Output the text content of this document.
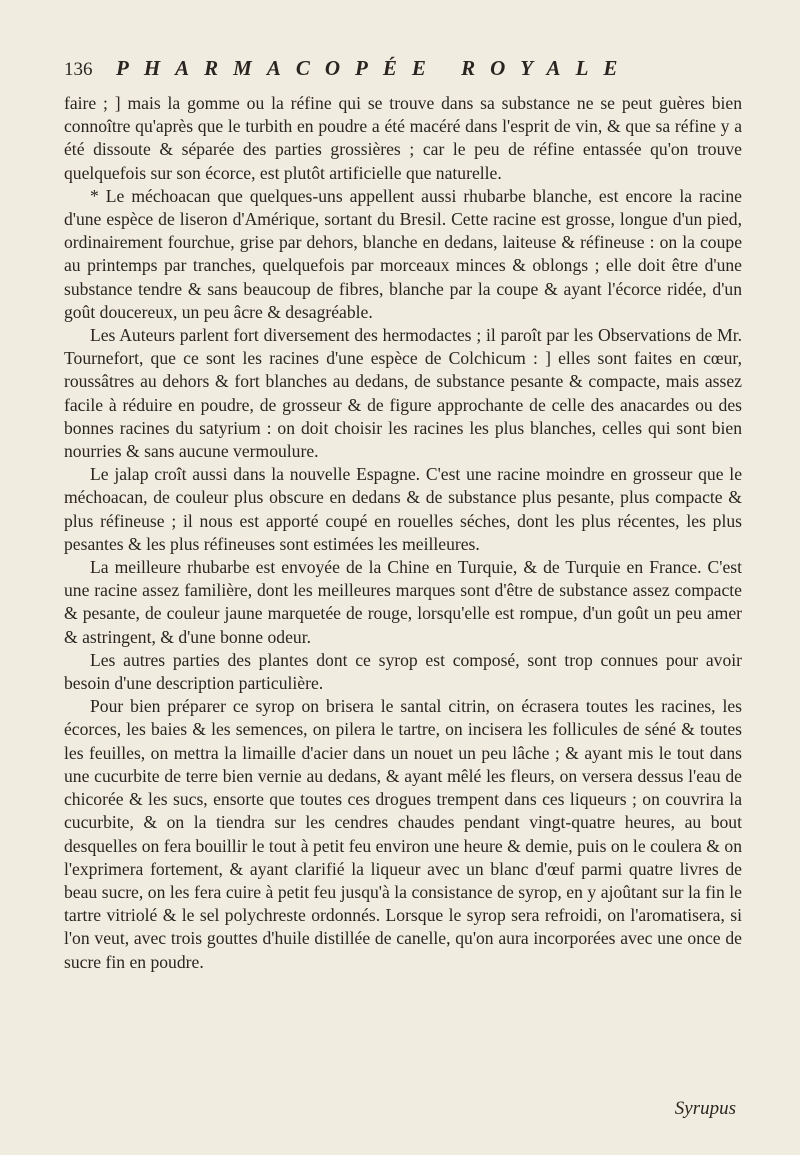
136	PHARMACOPÉE ROYALE

faire ; ] mais la gomme ou la réfine qui se trouve dans sa substance ne se peut guères bien connoître qu'après que le turbith en poudre a été macéré dans l'esprit de vin, & que sa réfine y a été dissoute & séparée des parties grossières ; car le peu de réfine entassée qu'on trouve quelquefois sur son écorce, est plutôt artificielle que naturelle.

* Le méchoacan que quelques-uns appellent aussi rhubarbe blanche, est encore la racine d'une espèce de liseron d'Amérique, sortant du Bresil. Cette racine est grosse, longue d'un pied, ordinairement fourchue, grise par dehors, blanche en dedans, laiteuse & réfineuse : on la coupe au printemps par tranches, quelquefois par morceaux minces & oblongs ; elle doit être d'une substance tendre & sans beaucoup de fibres, blanche par la coupe & ayant l'écorce ridée, d'un goût doucereux, un peu âcre & desagréable.

Les Auteurs parlent fort diversement des hermodactes ; il paroît par les Observations de Mr. Tournefort, que ce sont les racines d'une espèce de Colchicum : ] elles sont faites en cœur, roussâtres au dehors & fort blanches au dedans, de substance pesante & compacte, mais assez facile à réduire en poudre, de grosseur & de figure approchante de celle des anacardes ou des bonnes racines du satyrium : on doit choisir les racines les plus blanches, celles qui sont bien nourries & sans aucune vermoulure.

Le jalap croît aussi dans la nouvelle Espagne. C'est une racine moindre en grosseur que le méchoacan, de couleur plus obscure en dedans & de substance plus pesante, plus compacte & plus réfineuse ; il nous est apporté coupé en rouelles séches, dont les plus récentes, les plus pesantes & les plus réfineuses sont estimées les meilleures.

La meilleure rhubarbe est envoyée de la Chine en Turquie, & de Turquie en France. C'est une racine assez familière, dont les meilleures marques sont d'être de substance assez compacte & pesante, de couleur jaune marquetée de rouge, lorsqu'elle est rompue, d'un goût un peu amer & astringent, & d'une bonne odeur.

Les autres parties des plantes dont ce syrop est composé, sont trop connues pour avoir besoin d'une description particulière.

Pour bien préparer ce syrop on brisera le santal citrin, on écrasera toutes les racines, les écorces, les baies & les semences, on pilera le tartre, on incisera les follicules de séné & toutes les feuilles, on mettra la limaille d'acier dans un nouet un peu lâche ; & ayant mis le tout dans une cucurbite de terre bien vernie au dedans, & ayant mêlé les fleurs, on versera dessus l'eau de chicorée & les sucs, ensorte que toutes ces drogues trempent dans ces liqueurs ; on couvrira la cucurbite, & on la tiendra sur les cendres chaudes pendant vingt-quatre heures, au bout desquelles on fera bouillir le tout à petit feu environ une heure & demie, puis on le coulera & on l'exprimera fortement, & ayant clarifié la liqueur avec un blanc d'œuf parmi quatre livres de beau sucre, on les fera cuire à petit feu jusqu'à la consistance de syrop, en y ajoûtant sur la fin le tartre vitriolé & le sel polychreste ordonnés. Lorsque le syrop sera refroidi, on l'aromatisera, si l'on veut, avec trois gouttes d'huile distillée de canelle, qu'on aura incorporées avec une once de sucre fin en poudre.

Syrupus
